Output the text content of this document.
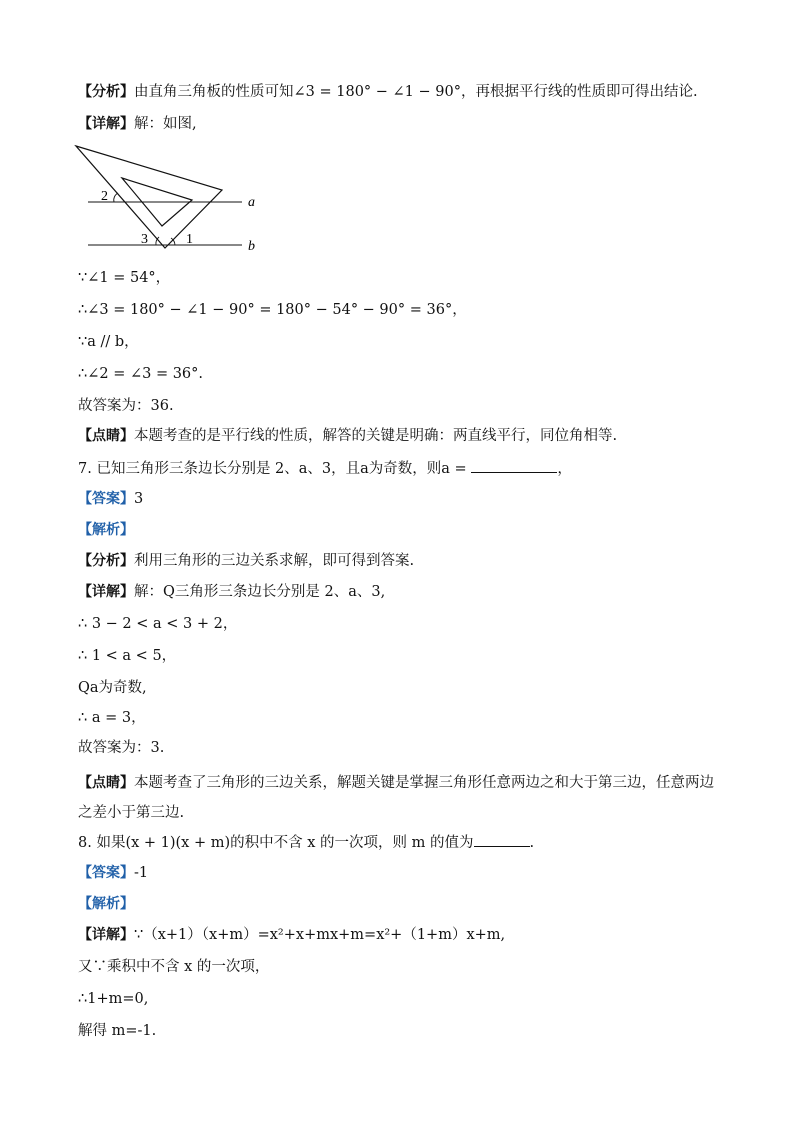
【分析】由直角三角板的性质可知∠3 = 180° − ∠1 − 90°，再根据平行线的性质即可得出结论.
【详解】解：如图,
2
3	1
a
b
∵∠1 = 54°，
∴∠3 = 180° − ∠1 − 90° = 180° − 54° − 90° = 36°，
∵a // b，
∴∠2 = ∠3 = 36°.
故答案为：36.
【点睛】本题考查的是平行线的性质，解答的关键是明确：两直线平行，同位角相等.
7. 已知三角形三条边长分别是 2、a、3，且a为奇数，则a =	，
【答案】3
【解析】
【分析】利用三角形的三边关系求解，即可得到答案.
【详解】解：Q三角形三条边长分别是 2、a、3,
∴ 3 − 2 < a < 3 + 2，
∴ 1 < a < 5，
Qa为奇数,
∴ a = 3，
故答案为：3.
【点睛】本题考查了三角形的三边关系，解题关键是掌握三角形任意两边之和大于第三边，任意两边之差小于第三边.
8. 如果(x + 1)(x + m)的积中不含 x 的一次项，则 m 的值为	.
【答案】-1
【解析】
【详解】∵（x+1）（x+m）=x²+x+mx+m=x²+（1+m）x+m,
又∵乘积中不含 x 的一次项，
∴1+m=0,
解得 m=-1.
